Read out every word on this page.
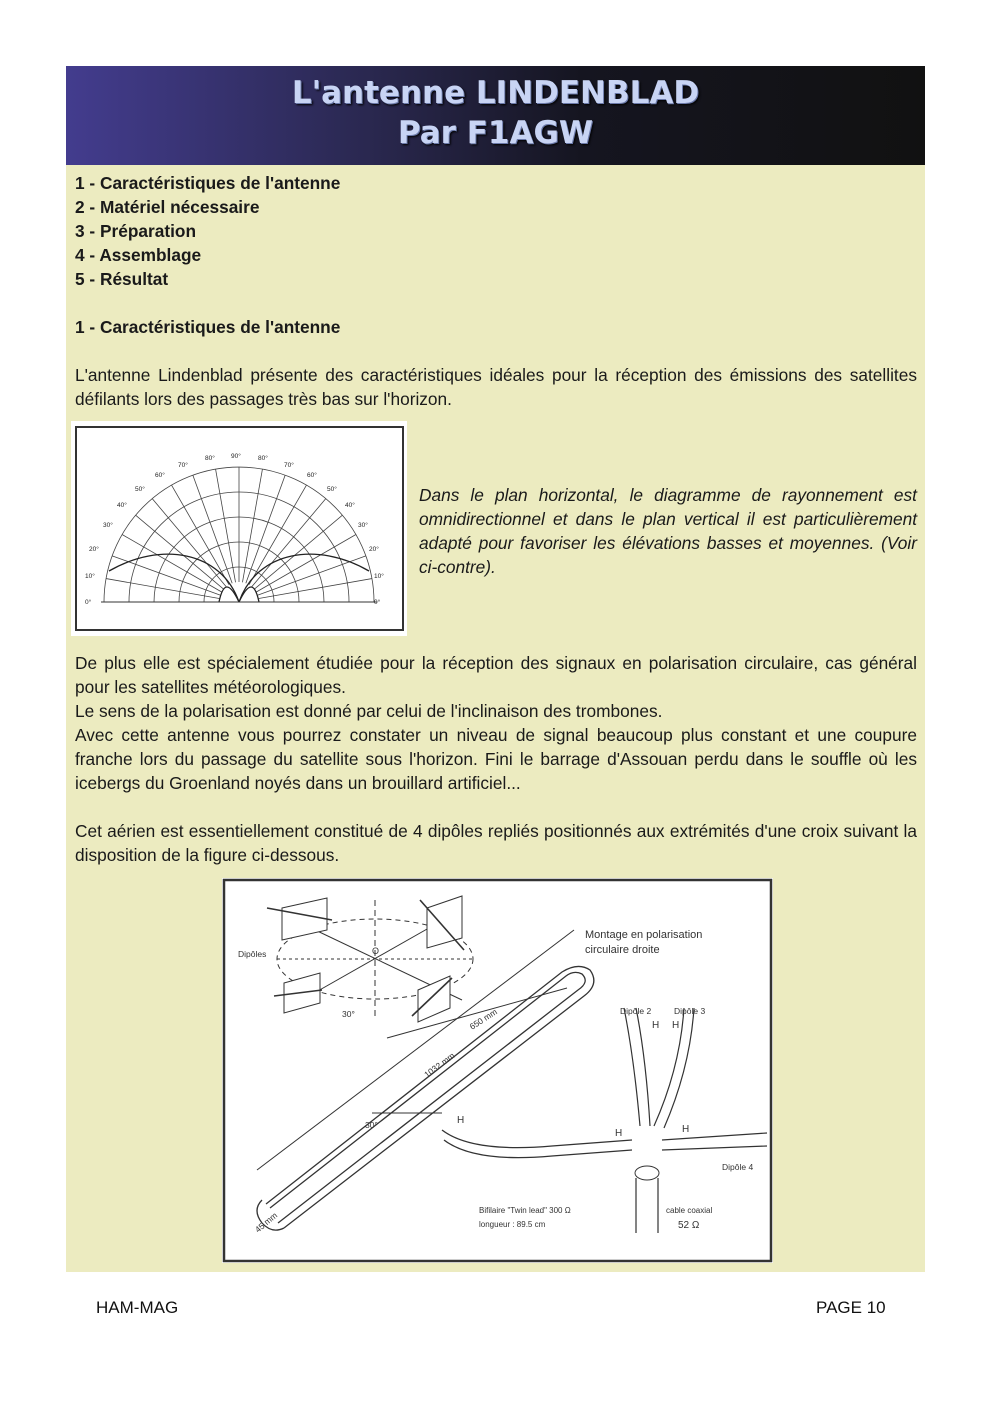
L'antenne LINDENBLAD
Par F1AGW
1 - Caractéristiques de l'antenne
2 - Matériel nécessaire
3 - Préparation
4 - Assemblage
5 - Résultat
1 - Caractéristiques de l'antenne
L'antenne Lindenblad présente des caractéristiques idéales pour la réception des émissions des satellites défilants lors des passages très bas sur l'horizon.
0°
10°
20°
30°
40°
50°
60°
70°
80° 90°	80°
70°
60°
50°
40°
30°
20°
10°
0°
Dans le plan horizontal, le diagramme de rayonnement est omnidirectionnel et dans le plan vertical il est particulièrement adapté pour favoriser les élévations basses et moyennes. (Voir ci-contre).
De plus elle est spécialement étudiée pour la réception des signaux en polarisation circulaire, cas général pour les satellites météorologiques.
Le sens de la polarisation est donné par celui de l'inclinaison des trombones.
Avec cette antenne vous pourrez constater un niveau de signal beaucoup plus constant et une coupure franche lors du passage du satellite sous l'horizon. Fini le barrage d'Assouan perdu dans le souffle où les icebergs du Groenland noyés dans un brouillard artificiel...
Cet aérien est essentiellement constitué de 4 dipôles repliés positionnés aux extrémités d'une croix suivant la disposition de la figure ci-dessous.
Dipôles
Montage en polarisation
circulaire droite
O
30°
30°
650 mm
1032 mm
45 mm
Dipôle 2	Dipôle 3
Dipôle 4
H H
H
H	H
Bifilaire "Twin lead" 300 Ω
longueur : 89.5 cm
cable coaxial
52 Ω
HAM-MAG	PAGE 10
